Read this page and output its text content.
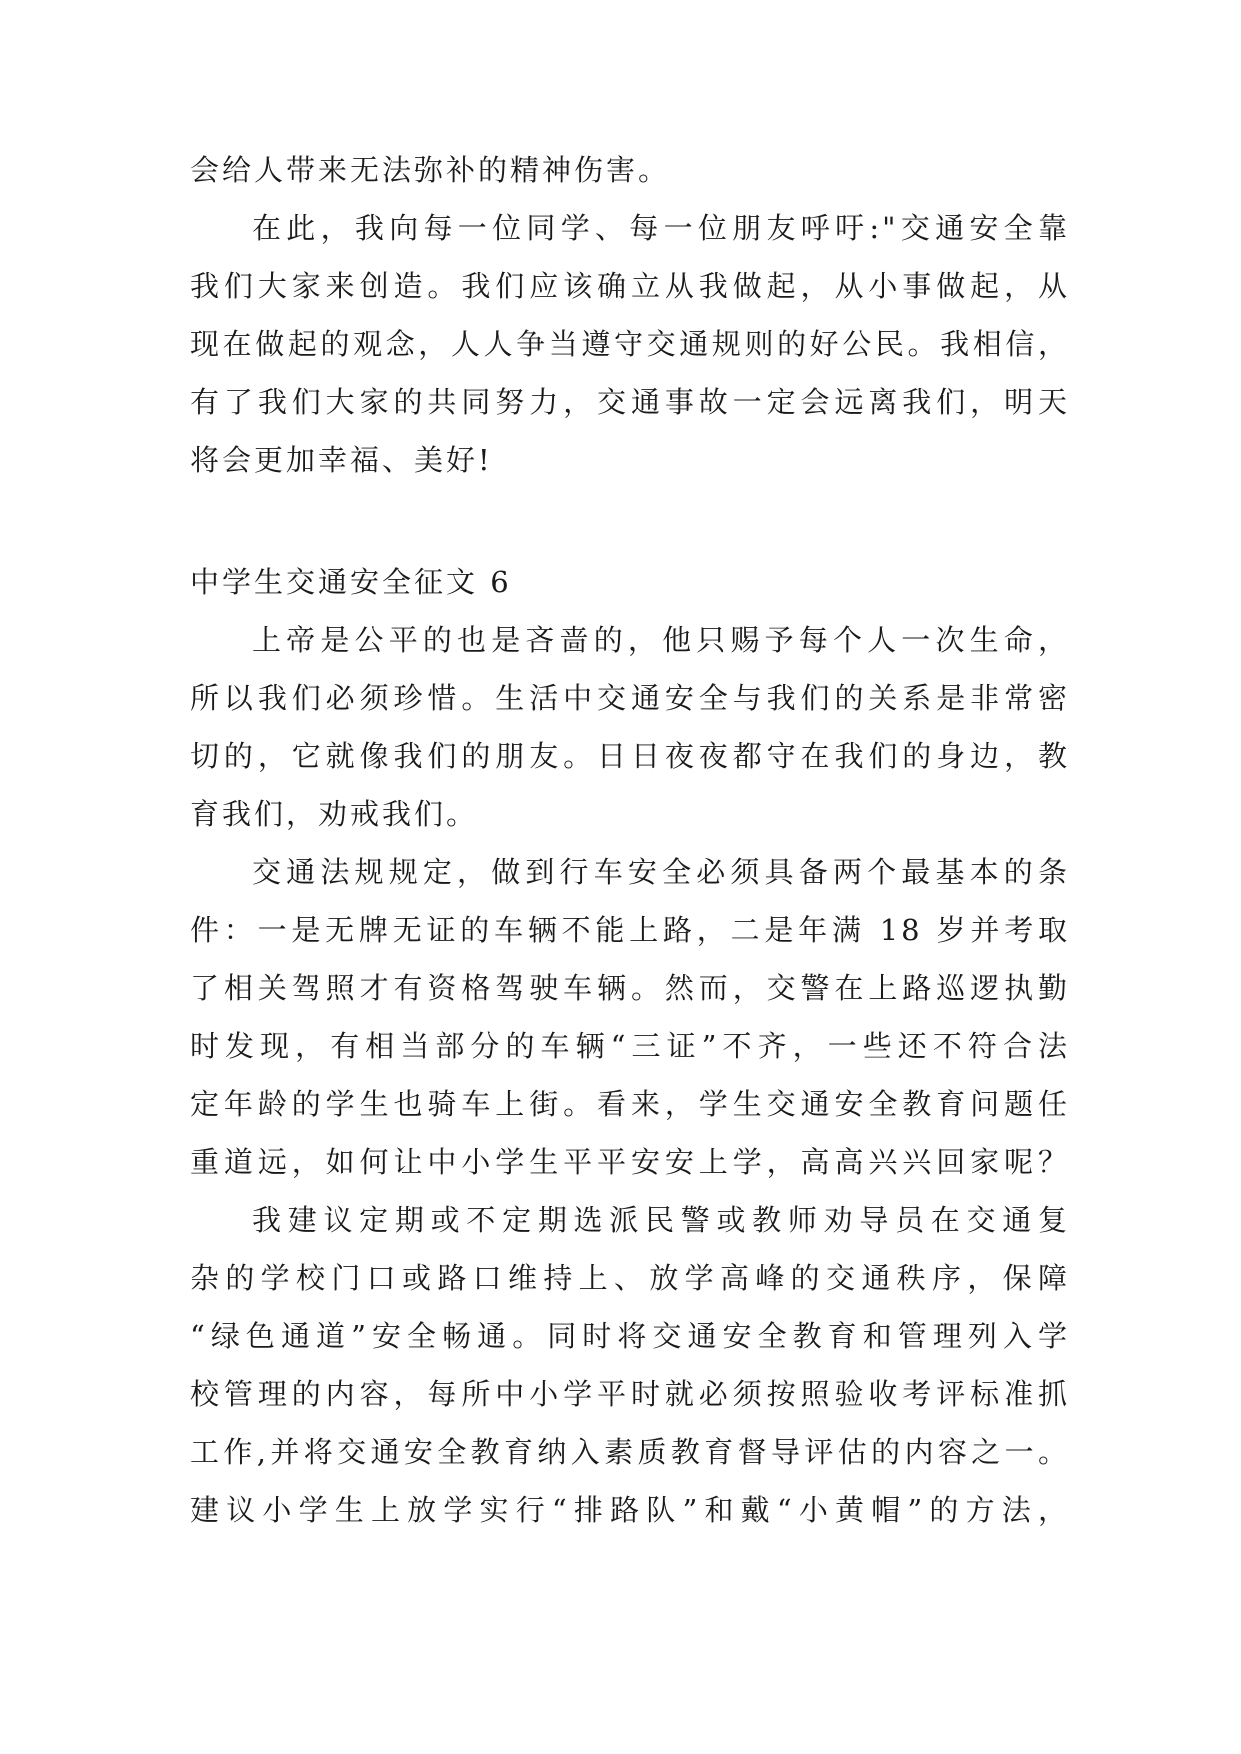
会给人带来无法弥补的精神伤害。
在此，我向每一位同学、每一位朋友呼吁:"交通安全靠
我们大家来创造。我们应该确立从我做起，从小事做起，从
现在做起的观念，人人争当遵守交通规则的好公民。我相信，
有了我们大家的共同努力，交通事故一定会远离我们，明天
将会更加幸福、美好!
中学生交通安全征文 6
上帝是公平的也是吝啬的，他只赐予每个人一次生命，
所以我们必须珍惜。生活中交通安全与我们的关系是非常密
切的，它就像我们的朋友。日日夜夜都守在我们的身边，教
育我们，劝戒我们。
交通法规规定，做到行车安全必须具备两个最基本的条
件：一是无牌无证的车辆不能上路，二是年满 18 岁并考取
了相关驾照才有资格驾驶车辆。然而，交警在上路巡逻执勤
时发现，有相当部分的车辆“三证”不齐，一些还不符合法
定年龄的学生也骑车上街。看来，学生交通安全教育问题任
重道远，如何让中小学生平平安安上学，高高兴兴回家呢？
我建议定期或不定期选派民警或教师劝导员在交通复
杂的学校门口或路口维持上、放学高峰的交通秩序，保障
“绿色通道”安全畅通。同时将交通安全教育和管理列入学
校管理的内容，每所中小学平时就必须按照验收考评标准抓
工作,并将交通安全教育纳入素质教育督导评估的内容之一。
建议小学生上放学实行“排路队”和戴“小黄帽”的方法，
